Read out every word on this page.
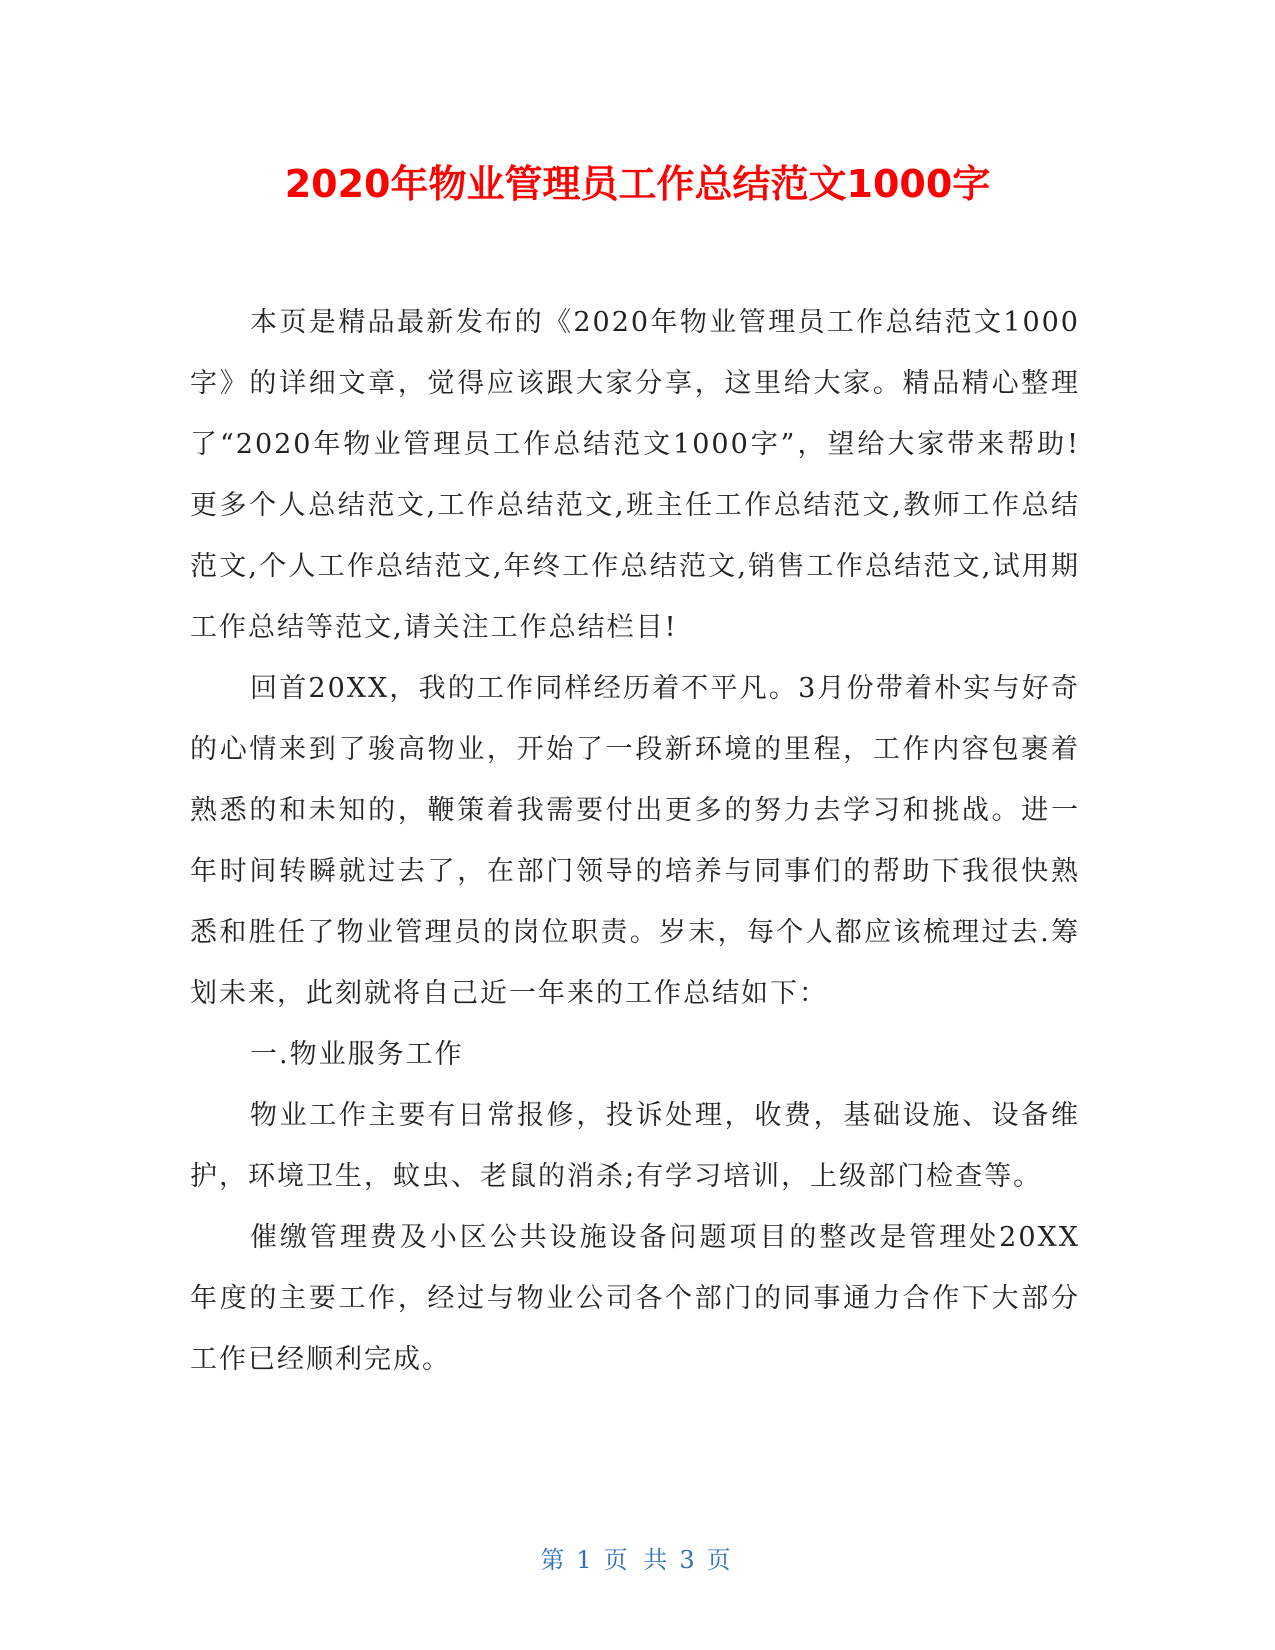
2020年物业管理员工作总结范文1000字

本页是精品最新发布的《2020年物业管理员工作总结范文1000字》的详细文章，觉得应该跟大家分享，这里给大家。精品精心整理了“2020年物业管理员工作总结范文1000字”，望给大家带来帮助!更多个人总结范文,工作总结范文,班主任工作总结范文,教师工作总结范文,个人工作总结范文,年终工作总结范文,销售工作总结范文,试用期工作总结等范文,请关注工作总结栏目!

回首20XX，我的工作同样经历着不平凡。3月份带着朴实与好奇的心情来到了骏高物业，开始了一段新环境的里程，工作内容包裹着熟悉的和未知的，鞭策着我需要付出更多的努力去学习和挑战。进一年时间转瞬就过去了，在部门领导的培养与同事们的帮助下我很快熟悉和胜任了物业管理员的岗位职责。岁末，每个人都应该梳理过去.筹划未来，此刻就将自己近一年来的工作总结如下：

一.物业服务工作

物业工作主要有日常报修，投诉处理，收费，基础设施、设备维护，环境卫生，蚊虫、老鼠的消杀;有学习培训，上级部门检查等。

催缴管理费及小区公共设施设备问题项目的整改是管理处20XX年度的主要工作，经过与物业公司各个部门的同事通力合作下大部分工作已经顺利完成。

第 1 页 共 3 页
